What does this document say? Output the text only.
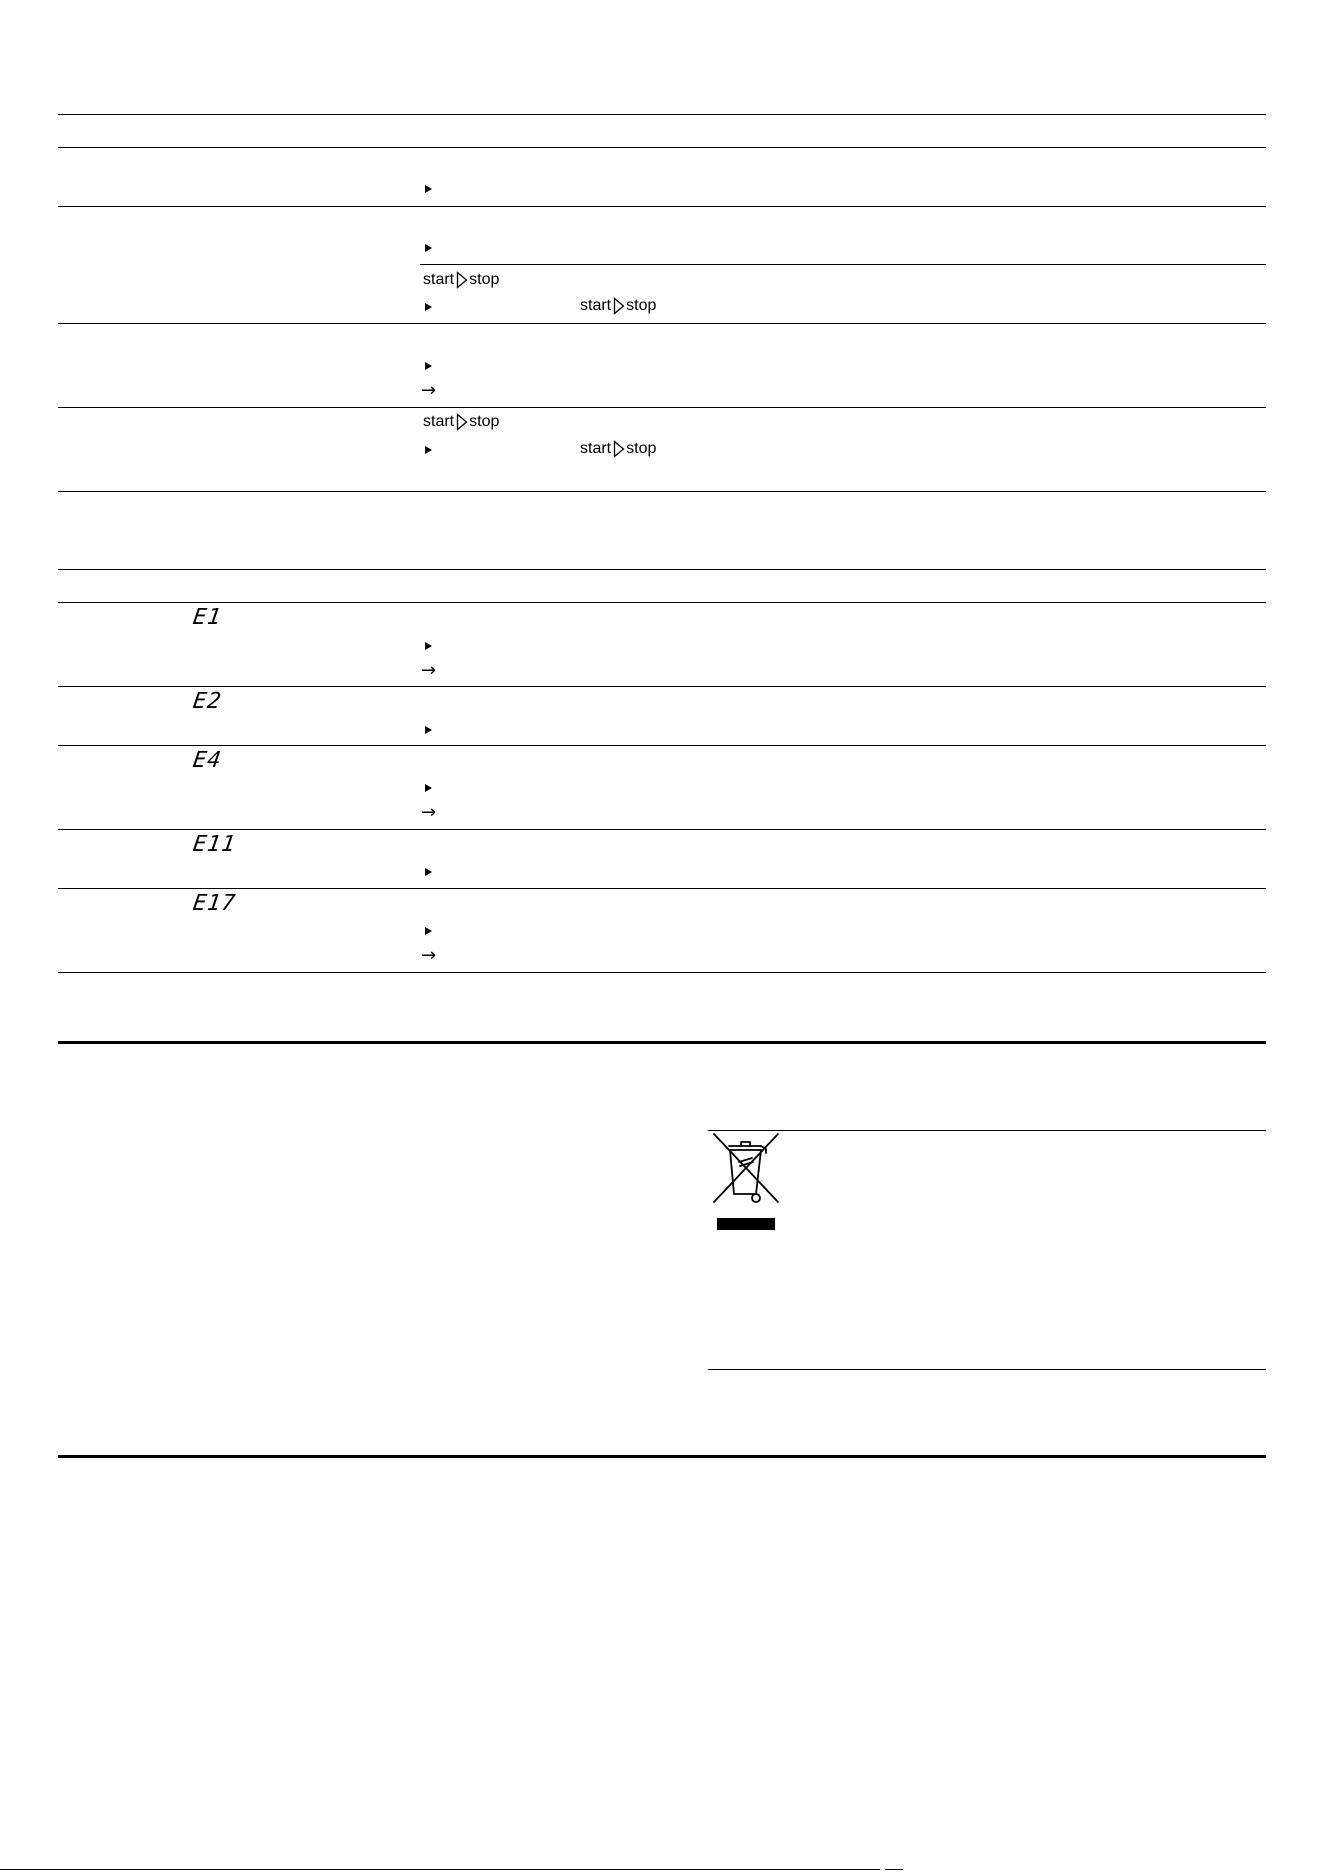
start stop
start stop
→
start stop
start stop
E1
→
E2
E4
→
E11
E17
→
